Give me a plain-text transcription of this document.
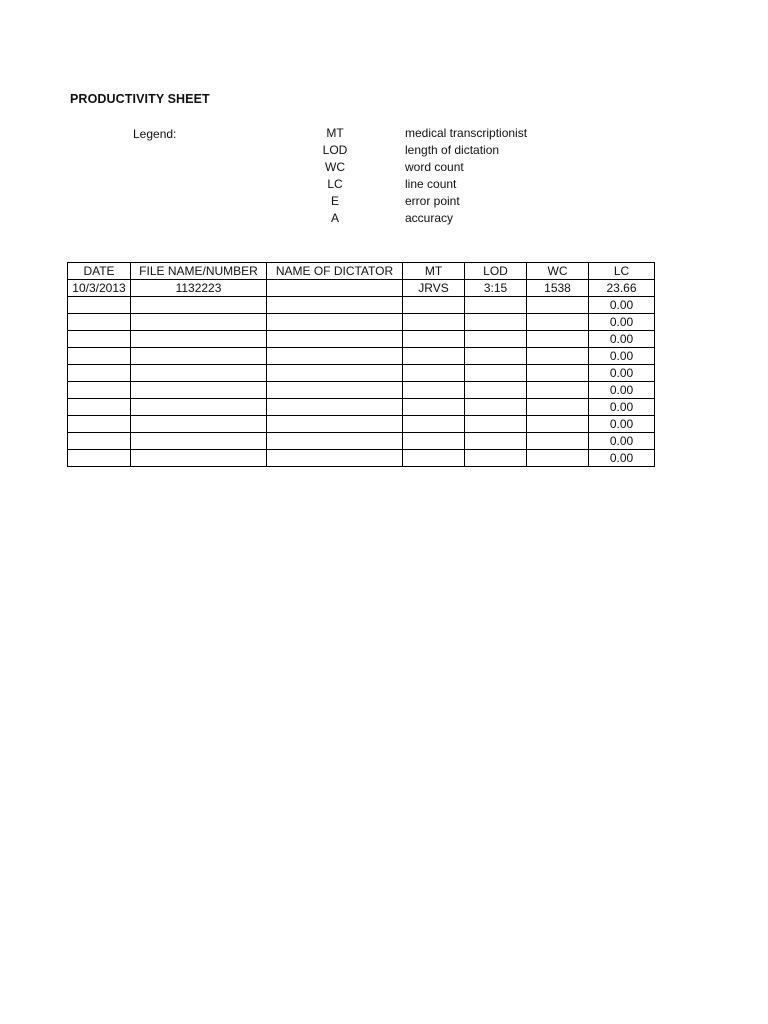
PRODUCTIVITY SHEET
Legend:	MT	medical transcriptionist
LOD	length of dictation
WC	word count
LC	line count
E	error point
A	accuracy
DATE	FILE NAME/NUMBER	NAME OF DICTATOR	MT	LOD	WC	LC
10/3/2013	1132223		JRVS	3:15	1538	23.66
						0.00
						0.00
						0.00
						0.00
						0.00
						0.00
						0.00
						0.00
						0.00
						0.00
